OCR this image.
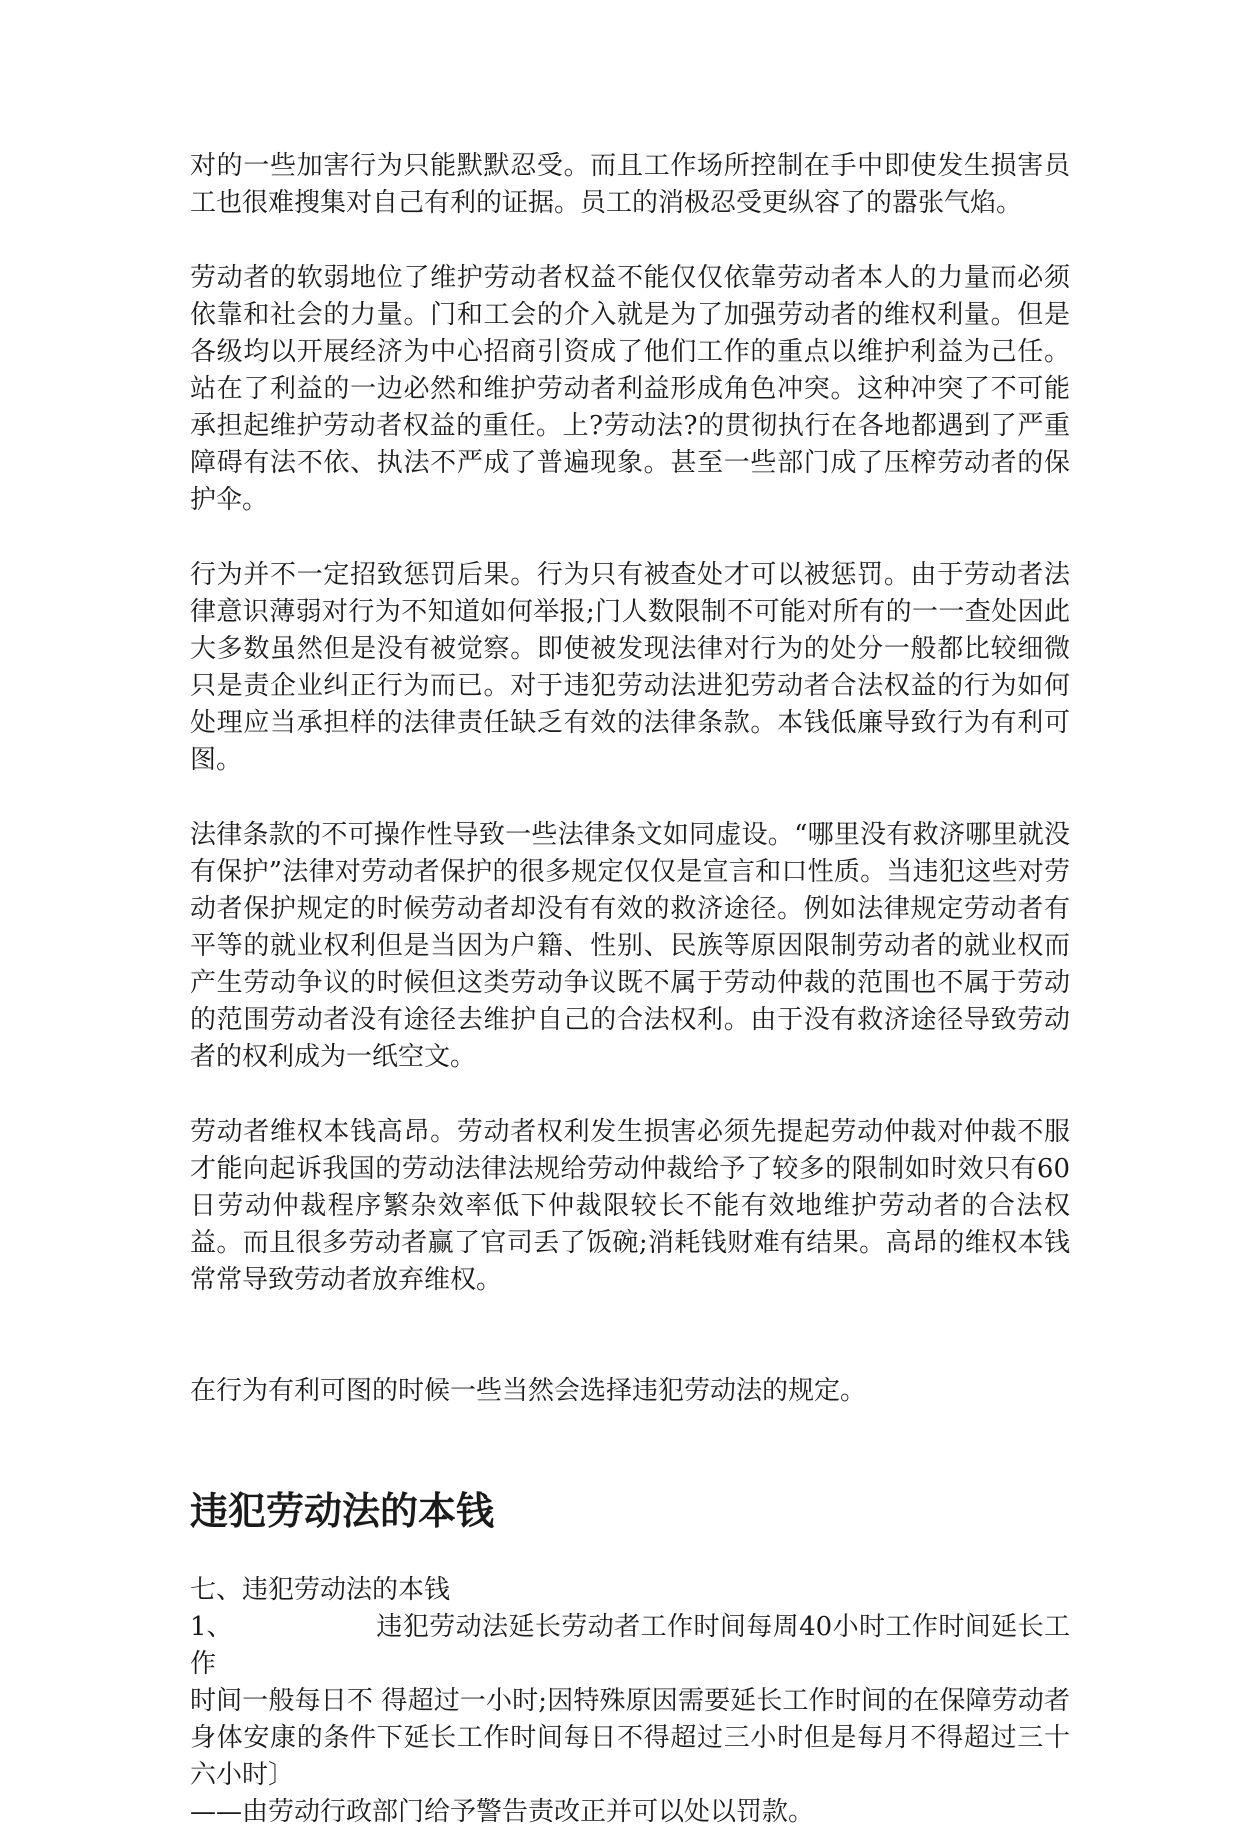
对的一些加害行为只能默默忍受。而且工作场所控制在手中即使发生损害员工也很难搜集对自己有利的证据。员工的消极忍受更纵容了的嚣张气焰。

劳动者的软弱地位了维护劳动者权益不能仅仅依靠劳动者本人的力量而必须依靠和社会的力量。门和工会的介入就是为了加强劳动者的维权利量。但是各级均以开展经济为中心招商引资成了他们工作的重点以维护利益为己任。站在了利益的一边必然和维护劳动者利益形成角色冲突。这种冲突了不可能承担起维护劳动者权益的重任。上?劳动法?的贯彻执行在各地都遇到了严重障碍有法不依、执法不严成了普遍现象。甚至一些部门成了压榨劳动者的保护伞。

行为并不一定招致惩罚后果。行为只有被查处才可以被惩罚。由于劳动者法律意识薄弱对行为不知道如何举报;门人数限制不可能对所有的一一查处因此大多数虽然但是没有被觉察。即使被发现法律对行为的处分一般都比较细微只是责企业纠正行为而已。对于违犯劳动法进犯劳动者合法权益的行为如何处理应当承担样的法律责任缺乏有效的法律条款。本钱低廉导致行为有利可图。

法律条款的不可操作性导致一些法律条文如同虚设。“哪里没有救济哪里就没有保护”法律对劳动者保护的很多规定仅仅是宣言和口性质。当违犯这些对劳动者保护规定的时候劳动者却没有有效的救济途径。例如法律规定劳动者有平等的就业权利但是当因为户籍、性别、民族等原因限制劳动者的就业权而产生劳动争议的时候但这类劳动争议既不属于劳动仲裁的范围也不属于劳动的范围劳动者没有途径去维护自己的合法权利。由于没有救济途径导致劳动者的权利成为一纸空文。

劳动者维权本钱高昂。劳动者权利发生损害必须先提起劳动仲裁对仲裁不服才能向起诉我国的劳动法律法规给劳动仲裁给予了较多的限制如时效只有60日劳动仲裁程序繁杂效率低下仲裁限较长不能有效地维护劳动者的合法权益。而且很多劳动者赢了官司丢了饭碗;消耗钱财难有结果。高昂的维权本钱常常导致劳动者放弃维权。

在行为有利可图的时候一些当然会选择违犯劳动法的规定。

违犯劳动法的本钱

七、违犯劳动法的本钱

1、	违犯劳动法延长劳动者工作时间每周40小时工作时间延长工作

时间一般每日不 得超过一小时;因特殊原因需要延长工作时间的在保障劳动者身体安康的条件下延长工作时间每日不得超过三小时但是每月不得超过三十六小时〕

——由劳动行政部门给予警告责改正并可以处以罚款。
